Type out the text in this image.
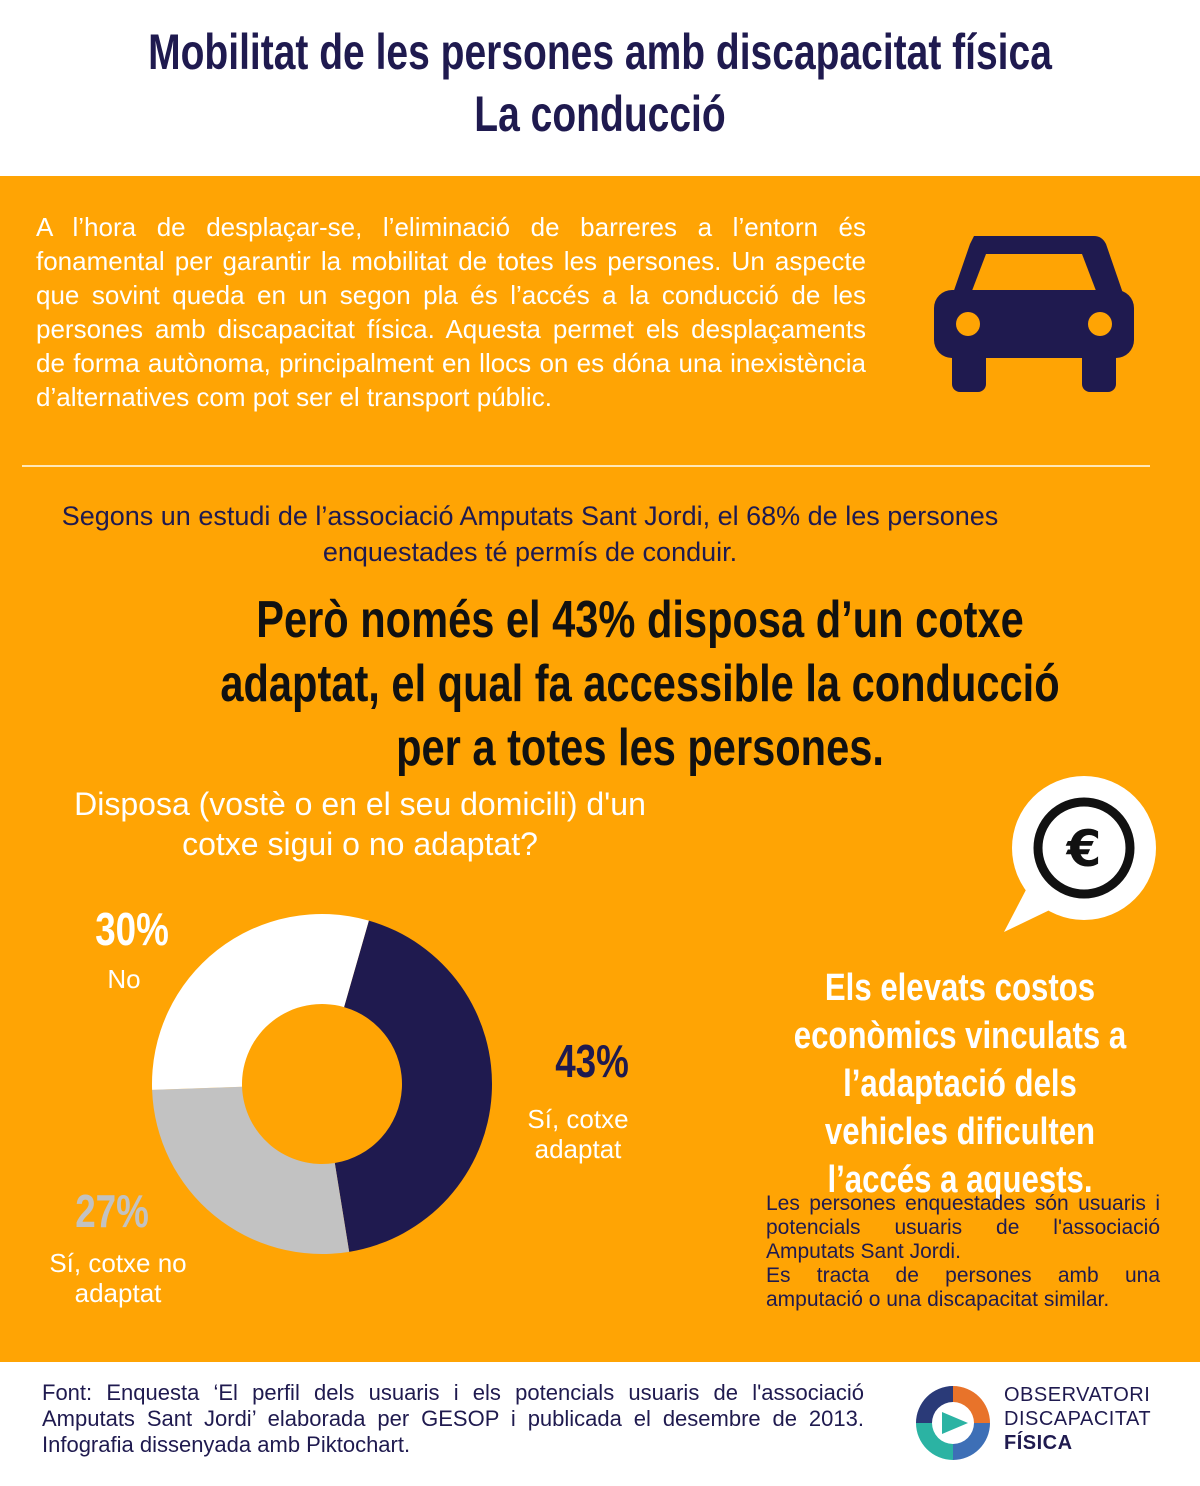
Mobilitat de les persones amb discapacitat física
La conducció
A l’hora de desplaçar-se, l’eliminació de barreres a l’entorn és fonamental per garantir la mobilitat de totes les persones. Un aspecte que sovint queda en un segon pla és l’accés a la conducció de les persones amb discapacitat física. Aquesta permet els desplaçaments de forma autònoma, principalment en llocs on es dóna una inexistència d’alternatives com pot ser el transport públic.
Segons un estudi de l’associació Amputats Sant Jordi, el 68% de les persones enquestades té permís de conduir.
Però només el 43% disposa d’un cotxe adaptat, el qual fa accessible la conducció per a totes les persones.
Disposa (vostè o en el seu domicili) d'un cotxe sigui o no adaptat?
43%
Sí, cotxe adaptat
27%
Sí, cotxe no adaptat
30%
No
€
Els elevats costos econòmics vinculats a l’adaptació dels vehicles dificulten l’accés a aquests.
Les persones enquestades són usuaris i potencials usuaris de l'associació Amputats Sant Jordi.
Es tracta de persones amb una amputació o una discapacitat similar.
Font: Enquesta ‘El perfil dels usuaris i els potencials usuaris de l'associació Amputats Sant Jordi’ elaborada per GESOP i publicada el desembre de 2013. Infografia dissenyada amb Piktochart.
OBSERVATORI
DISCAPACITAT
FÍSICA
